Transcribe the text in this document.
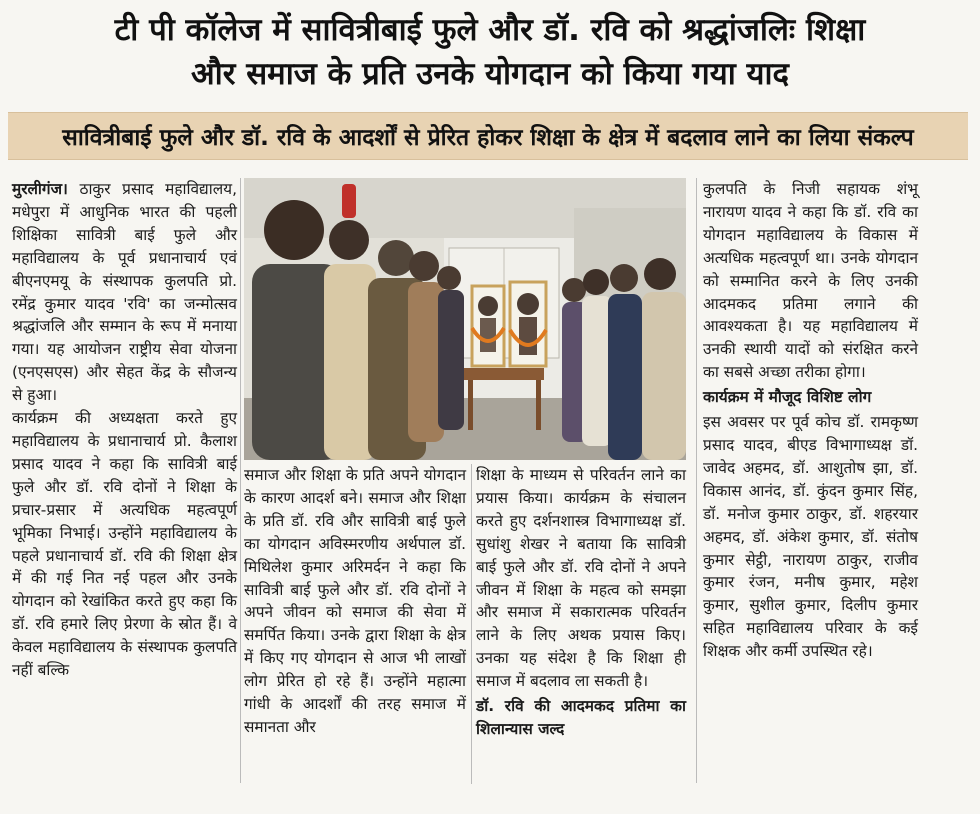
टी पी कॉलेज में सावित्रीबाई फुले और डॉ. रवि को श्रद्धांजलिः शिक्षा
और समाज के प्रति उनके योगदान को किया गया याद
सावित्रीबाई फुले और डॉ. रवि के आदर्शों से प्रेरित होकर शिक्षा के क्षेत्र में बदलाव लाने का लिया संकल्प

मुरलीगंज। ठाकुर प्रसाद महाविद्यालय, मधेपुरा में आधुनिक भारत की पहली शिक्षिका सावित्री बाई फुले और महाविद्यालय के पूर्व प्रधानाचार्य एवं बीएनएमयू के संस्थापक कुलपति प्रो. रमेंद्र कुमार यादव 'रवि' का जन्मोत्सव श्रद्धांजलि और सम्मान के रूप में मनाया गया। यह आयोजन राष्ट्रीय सेवा योजना (एनएसएस) और सेहत केंद्र के सौजन्य से हुआ।

कार्यक्रम की अध्यक्षता करते हुए महाविद्यालय के प्रधानाचार्य प्रो. कैलाश प्रसाद यादव ने कहा कि सावित्री बाई फुले और डॉ. रवि दोनों ने शिक्षा के प्रचार-प्रसार में अत्यधिक महत्वपूर्ण भूमिका निभाई। उन्होंने महाविद्यालय के पहले प्रधानाचार्य डॉ. रवि की शिक्षा क्षेत्र में की गई नित नई पहल और उनके योगदान को रेखांकित करते हुए कहा कि डॉ. रवि हमारे लिए प्रेरणा के स्रोत हैं। वे केवल महाविद्यालय के संस्थापक कुलपति नहीं बल्कि

समाज और शिक्षा के प्रति अपने योगदान के कारण आदर्श बने। समाज और शिक्षा के प्रति डॉ. रवि और सावित्री बाई फुले का योगदान अविस्मरणीय अर्थपाल डॉ. मिथिलेश कुमार अरिमर्दन ने कहा कि सावित्री बाई फुले और डॉ. रवि दोनों ने अपने जीवन को समाज की सेवा में समर्पित किया। उनके द्वारा शिक्षा के क्षेत्र में किए गए योगदान से आज भी लाखों लोग प्रेरित हो रहे हैं। उन्होंने महात्मा गांधी के आदर्शों की तरह समाज में समानता और

शिक्षा के माध्यम से परिवर्तन लाने का प्रयास किया। कार्यक्रम के संचालन करते हुए दर्शनशास्त्र विभागाध्यक्ष डॉ. सुधांशु शेखर ने बताया कि सावित्री बाई फुले और डॉ. रवि दोनों ने अपने जीवन में शिक्षा के महत्व को समझा और समाज में सकारात्मक परिवर्तन लाने के लिए अथक प्रयास किए। उनका यह संदेश है कि शिक्षा ही समाज में बदलाव ला सकती है।

डॉ. रवि की आदमकद प्रतिमा का शिलान्यास जल्द

कुलपति के निजी सहायक शंभू नारायण यादव ने कहा कि डॉ. रवि का योगदान महाविद्यालय के विकास में अत्यधिक महत्वपूर्ण था। उनके योगदान को सम्मानित करने के लिए उनकी आदमकद प्रतिमा लगाने की आवश्यकता है। यह महाविद्यालय में उनकी स्थायी यादों को संरक्षित करने का सबसे अच्छा तरीका होगा।

कार्यक्रम में मौजूद विशिष्ट लोग

इस अवसर पर पूर्व कोच डॉ. रामकृष्ण प्रसाद यादव, बीएड विभागाध्यक्ष डॉ. जावेद अहमद, डॉ. आशुतोष झा, डॉ. विकास आनंद, डॉ. कुंदन कुमार सिंह, डॉ. मनोज कुमार ठाकुर, डॉ. शहरयार अहमद, डॉ. अंकेश कुमार, डॉ. संतोष कुमार सेट्ठी, नारायण ठाकुर, राजीव कुमार रंजन, मनीष कुमार, महेश कुमार, सुशील कुमार, दिलीप कुमार सहित महाविद्यालय परिवार के कई शिक्षक और कर्मी उपस्थित रहे।
